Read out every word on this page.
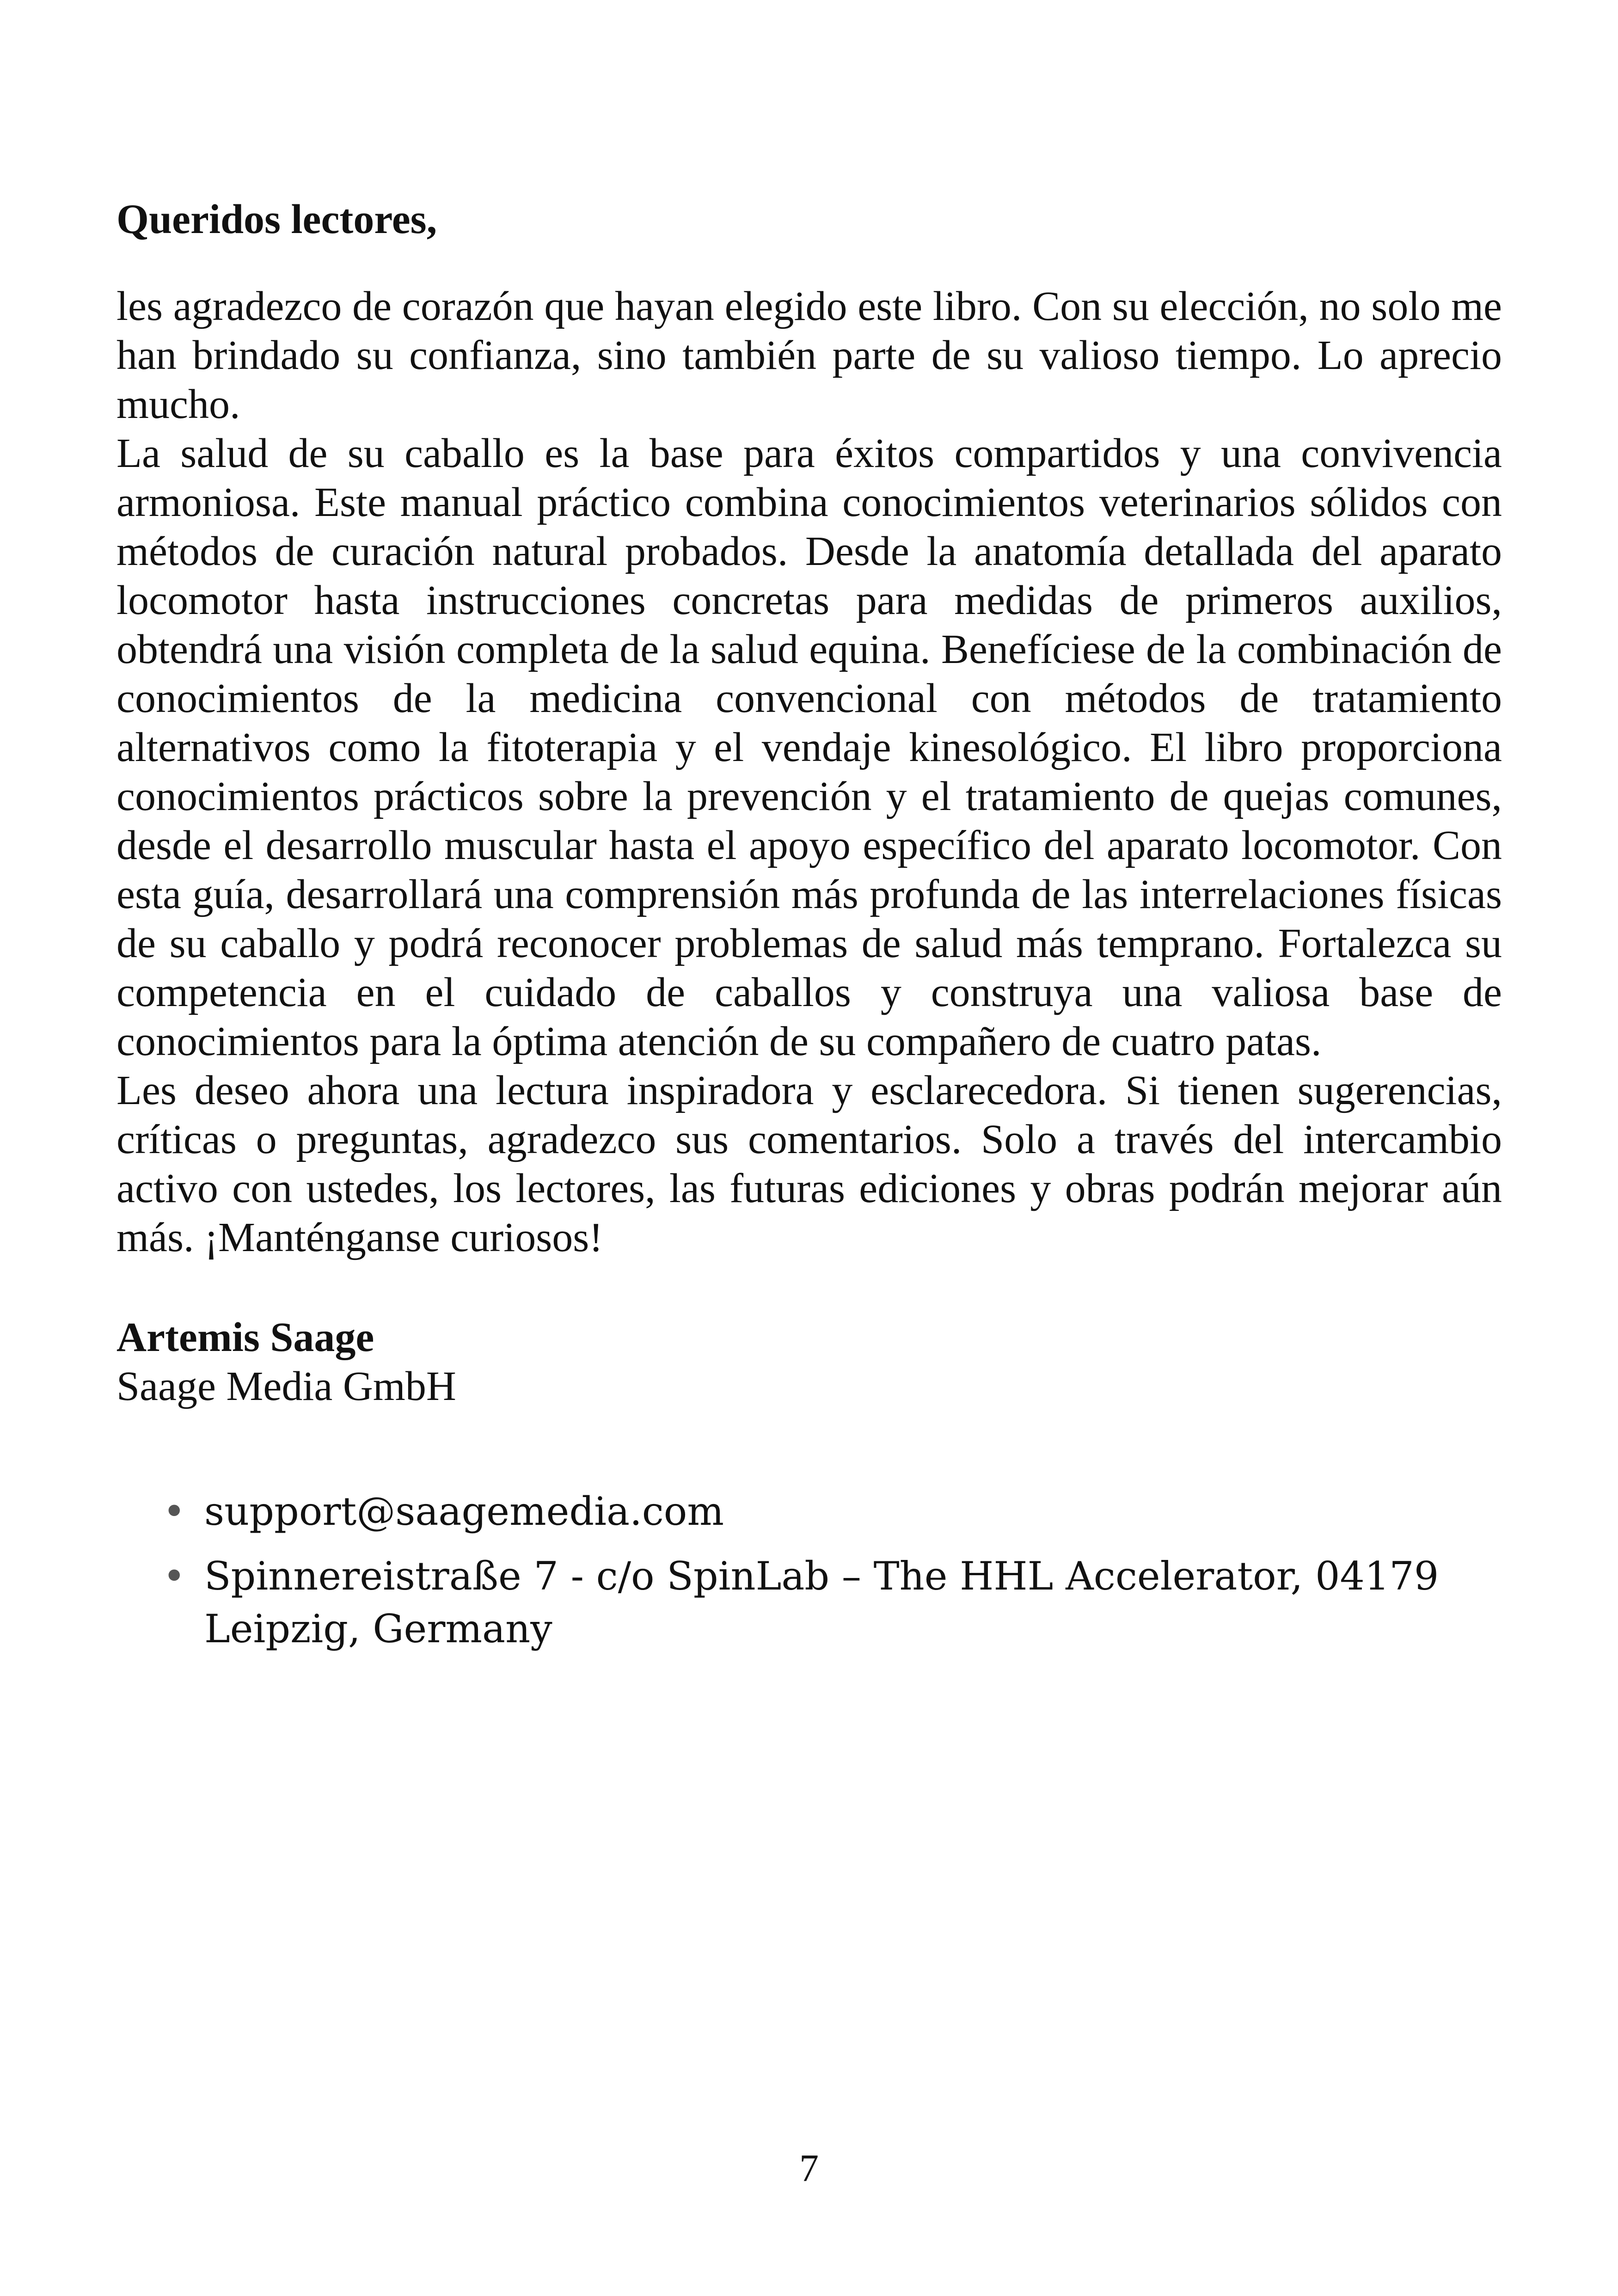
Queridos lectores,

les agradezco de corazón que hayan elegido este libro. Con su elección, no solo me han brindado su confianza, sino también parte de su valioso tiempo. Lo aprecio mucho.

La salud de su caballo es la base para éxitos compartidos y una convivencia armoniosa. Este manual práctico combina conocimientos veterinarios sólidos con métodos de curación natural probados. Desde la anatomía detallada del aparato locomotor hasta instrucciones concretas para medidas de primeros auxilios, obtendrá una visión completa de la salud equina. Benefíciese de la combinación de conocimientos de la medicina convencional con métodos de tratamiento alternativos como la fitoterapia y el vendaje kinesológico. El libro proporciona conocimientos prácticos sobre la prevención y el tratamiento de quejas comunes, desde el desarrollo muscular hasta el apoyo específico del aparato locomotor. Con esta guía, desarrollará una comprensión más profunda de las interrelaciones físicas de su caballo y podrá reconocer problemas de salud más temprano. Fortalezca su competencia en el cuidado de caballos y construya una valiosa base de conocimientos para la óptima atención de su compañero de cuatro patas.

Les deseo ahora una lectura inspiradora y esclarecedora. Si tienen sugerencias, críticas o preguntas, agradezco sus comentarios. Solo a través del intercambio activo con ustedes, los lectores, las futuras ediciones y obras podrán mejorar aún más. ¡Manténganse curiosos!

Artemis Saage
Saage Media GmbH
• support@saagemedia.com
• Spinnereistraße 7 - c/o SpinLab – The HHL Accelerator, 04179 Leipzig, Germany
7
